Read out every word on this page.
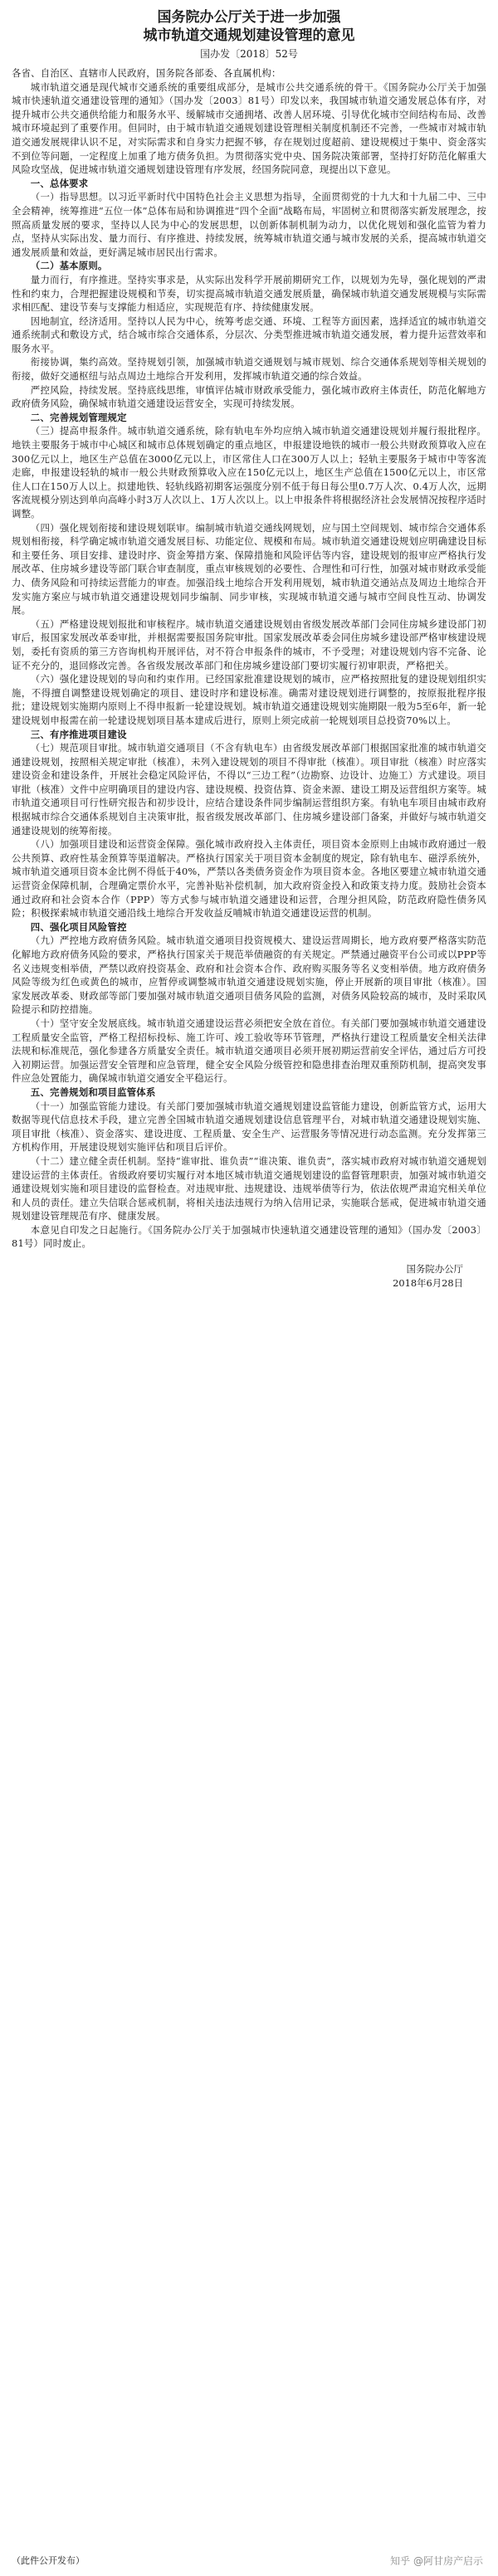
国务院办公厅关于进一步加强
城市轨道交通规划建设管理的意见
国办发〔2018〕52号

各省、自治区、直辖市人民政府，国务院各部委、各直属机构：

城市轨道交通是现代城市交通系统的重要组成部分，是城市公共交通系统的骨干。《国务院办公厅关于加强城市快速轨道交通建设管理的通知》（国办发〔2003〕81号）印发以来，我国城市轨道交通发展总体有序，对提升城市公共交通供给能力和服务水平、缓解城市交通拥堵、改善人居环境、引导优化城市空间结构布局、改善城市环境起到了重要作用。但同时，由于城市轨道交通规划建设管理相关制度机制还不完善，一些城市对城市轨道交通发展规律认识不足，对实际需求和自身实力把握不够，存在规划过度超前、建设规模过于集中、资金落实不到位等问题，一定程度上加重了地方债务负担。为贯彻落实党中央、国务院决策部署，坚持打好防范化解重大风险攻坚战，促进城市轨道交通规划建设管理有序发展，经国务院同意，现提出以下意见。

一、总体要求

（一）指导思想。以习近平新时代中国特色社会主义思想为指导，全面贯彻党的十九大和十九届二中、三中全会精神，统筹推进“五位一体”总体布局和协调推进“四个全面”战略布局，牢固树立和贯彻落实新发展理念，按照高质量发展的要求，坚持以人民为中心的发展思想，以创新体制机制为动力，以优化规划和强化监管为着力点，坚持从实际出发、量力而行、有序推进、持续发展，统筹城市轨道交通与城市发展的关系，提高城市轨道交通发展质量和效益，更好满足城市居民出行需求。

（二）基本原则。

量力而行，有序推进。坚持实事求是，从实际出发科学开展前期研究工作，以规划为先导，强化规划的严肃性和约束力，合理把握建设规模和节奏，切实提高城市轨道交通发展质量，确保城市轨道交通发展规模与实际需求相匹配、建设节奏与支撑能力相适应，实现规范有序、持续健康发展。

因地制宜，经济适用。坚持以人民为中心，统筹考虑交通、环境、工程等方面因素，选择适宜的城市轨道交通系统制式和敷设方式，结合城市综合交通体系，分层次、分类型推进城市轨道交通发展，着力提升运营效率和服务水平。

衔接协调，集约高效。坚持规划引领，加强城市轨道交通规划与城市规划、综合交通体系规划等相关规划的衔接，做好交通枢纽与站点周边土地综合开发利用，发挥城市轨道交通的综合效益。

严控风险，持续发展。坚持底线思维，审慎评估城市财政承受能力，强化城市政府主体责任，防范化解地方政府债务风险，确保城市轨道交通建设运营安全，实现可持续发展。

二、完善规划管理规定

（三）提高申报条件。城市轨道交通系统，除有轨电车外均应纳入城市轨道交通建设规划并履行报批程序。地铁主要服务于城市中心城区和城市总体规划确定的重点地区，申报建设地铁的城市一般公共财政预算收入应在300亿元以上，地区生产总值在3000亿元以上，市区常住人口在300万人以上；轻轨主要服务于城市中等客流走廊，申报建设轻轨的城市一般公共财政预算收入应在150亿元以上，地区生产总值在1500亿元以上，市区常住人口在150万人以上。拟建地铁、轻轨线路初期客运强度分别不低于每日每公里0.7万人次、0.4万人次，远期客流规模分别达到单向高峰小时3万人次以上、1万人次以上。以上申报条件将根据经济社会发展情况按程序适时调整。

（四）强化规划衔接和建设规划联审。编制城市轨道交通线网规划，应与国土空间规划、城市综合交通体系规划相衔接，科学确定城市轨道交通发展目标、功能定位、规模和布局。城市轨道交通建设规划应明确建设目标和主要任务、项目安排、建设时序、资金筹措方案、保障措施和风险评估等内容，建设规划的报审应严格执行发展改革、住房城乡建设等部门联合审查制度，重点审核规划的必要性、合理性和可行性，加强对城市财政承受能力、债务风险和可持续运营能力的审查。加强沿线土地综合开发利用规划，城市轨道交通站点及周边土地综合开发实施方案应与城市轨道交通建设规划同步编制、同步审核，实现城市轨道交通与城市空间良性互动、协调发展。

（五）严格建设规划报批和审核程序。城市轨道交通建设规划由省级发展改革部门会同住房城乡建设部门初审后，报国家发展改革委审批，并根据需要报国务院审批。国家发展改革委会同住房城乡建设部严格审核建设规划，委托有资质的第三方咨询机构开展评估，对不符合申报条件的城市，不予受理；对建设规划内容不完备、论证不充分的，退回修改完善。各省级发展改革部门和住房城乡建设部门要切实履行初审职责，严格把关。

（六）强化建设规划的导向和约束作用。已经国家批准建设规划的城市，应严格按照批复的建设规划组织实施，不得擅自调整建设规划确定的项目、建设时序和建设标准。确需对建设规划进行调整的，按原报批程序报批；建设规划实施期内原则上不得申报新一轮建设规划。城市轨道交通建设规划实施期限一般为5至6年，新一轮建设规划申报需在前一轮建设规划项目基本建成后进行，原则上须完成前一轮规划项目总投资70%以上。

三、有序推进项目建设

（七）规范项目审批。城市轨道交通项目（不含有轨电车）由省级发展改革部门根据国家批准的城市轨道交通建设规划，按照相关规定审批（核准），未列入建设规划的项目不得审批（核准）。项目审批（核准）时应落实建设资金和建设条件，开展社会稳定风险评估，不得以“三边工程”（边勘察、边设计、边施工）方式建设。项目审批（核准）文件中应明确项目的建设内容、建设规模、投资估算、资金来源、建设工期及运营组织方案等。城市轨道交通项目可行性研究报告和初步设计，应结合建设条件同步编制运营组织方案。有轨电车项目由城市政府根据城市综合交通体系规划自主决策审批，报省级发展改革部门、住房城乡建设部门备案，并做好与城市轨道交通建设规划的统筹衔接。

（八）加强项目建设和运营资金保障。强化城市政府投入主体责任，项目资本金原则上由城市政府通过一般公共预算、政府性基金预算等渠道解决。严格执行国家关于项目资本金制度的规定，除有轨电车、磁浮系统外，城市轨道交通项目资本金比例不得低于40%，严禁以各类债务资金作为项目资本金。各地区要建立城市轨道交通运营资金保障机制，合理确定票价水平，完善补贴补偿机制，加大政府资金投入和政策支持力度。鼓励社会资本通过政府和社会资本合作（PPP）等方式参与城市轨道交通建设和运营，合理分担风险，防范政府隐性债务风险；积极探索城市轨道交通沿线土地综合开发收益反哺城市轨道交通建设运营的机制。

四、强化项目风险管控

（九）严控地方政府债务风险。城市轨道交通项目投资规模大、建设运营周期长，地方政府要严格落实防范化解地方政府债务风险的要求，严格执行国家关于规范举债融资的有关规定。严禁通过融资平台公司或以PPP等名义违规变相举债，严禁以政府投资基金、政府和社会资本合作、政府购买服务等名义变相举债。地方政府债务风险等级为红色或黄色的城市，应暂停或调整城市轨道交通建设规划实施，停止开展新的项目审批（核准）。国家发展改革委、财政部等部门要加强对城市轨道交通项目债务风险的监测，对债务风险较高的城市，及时采取风险提示和防控措施。

（十）坚守安全发展底线。城市轨道交通建设运营必须把安全放在首位。有关部门要加强城市轨道交通建设工程质量安全监管，严格工程招标投标、施工许可、竣工验收等环节管理，严格执行建设工程质量安全相关法律法规和标准规范，强化参建各方质量安全责任。城市轨道交通项目必须开展初期运营前安全评估，通过后方可投入初期运营。加强运营安全管理和应急管理，健全安全风险分级管控和隐患排查治理双重预防机制，提高突发事件应急处置能力，确保城市轨道交通安全平稳运行。

五、完善规划和项目监管体系

（十一）加强监管能力建设。有关部门要加强城市轨道交通规划建设监管能力建设，创新监管方式，运用大数据等现代信息技术手段，建立完善全国城市轨道交通规划建设信息管理平台，对城市轨道交通建设规划实施、项目审批（核准）、资金落实、建设进度、工程质量、安全生产、运营服务等情况进行动态监测。充分发挥第三方机构作用，开展建设规划实施评估和项目后评价。

（十二）建立健全责任机制。坚持“谁审批、谁负责”“谁决策、谁负责”，落实城市政府对城市轨道交通规划建设运营的主体责任。省级政府要切实履行对本地区城市轨道交通规划建设的监督管理职责，加强对城市轨道交通建设规划实施和项目建设的监督检查。对违规审批、违规建设、违规举债等行为，依法依规严肃追究相关单位和人员的责任。建立失信联合惩戒机制，将相关违法违规行为纳入信用记录，实施联合惩戒，促进城市轨道交通规划建设管理规范有序、健康发展。

本意见自印发之日起施行。《国务院办公厅关于加强城市快速轨道交通建设管理的通知》（国办发〔2003〕81号）同时废止。

国务院办公厅
2018年6月28日
（此件公开发布）	知乎 @阿甘房产启示
